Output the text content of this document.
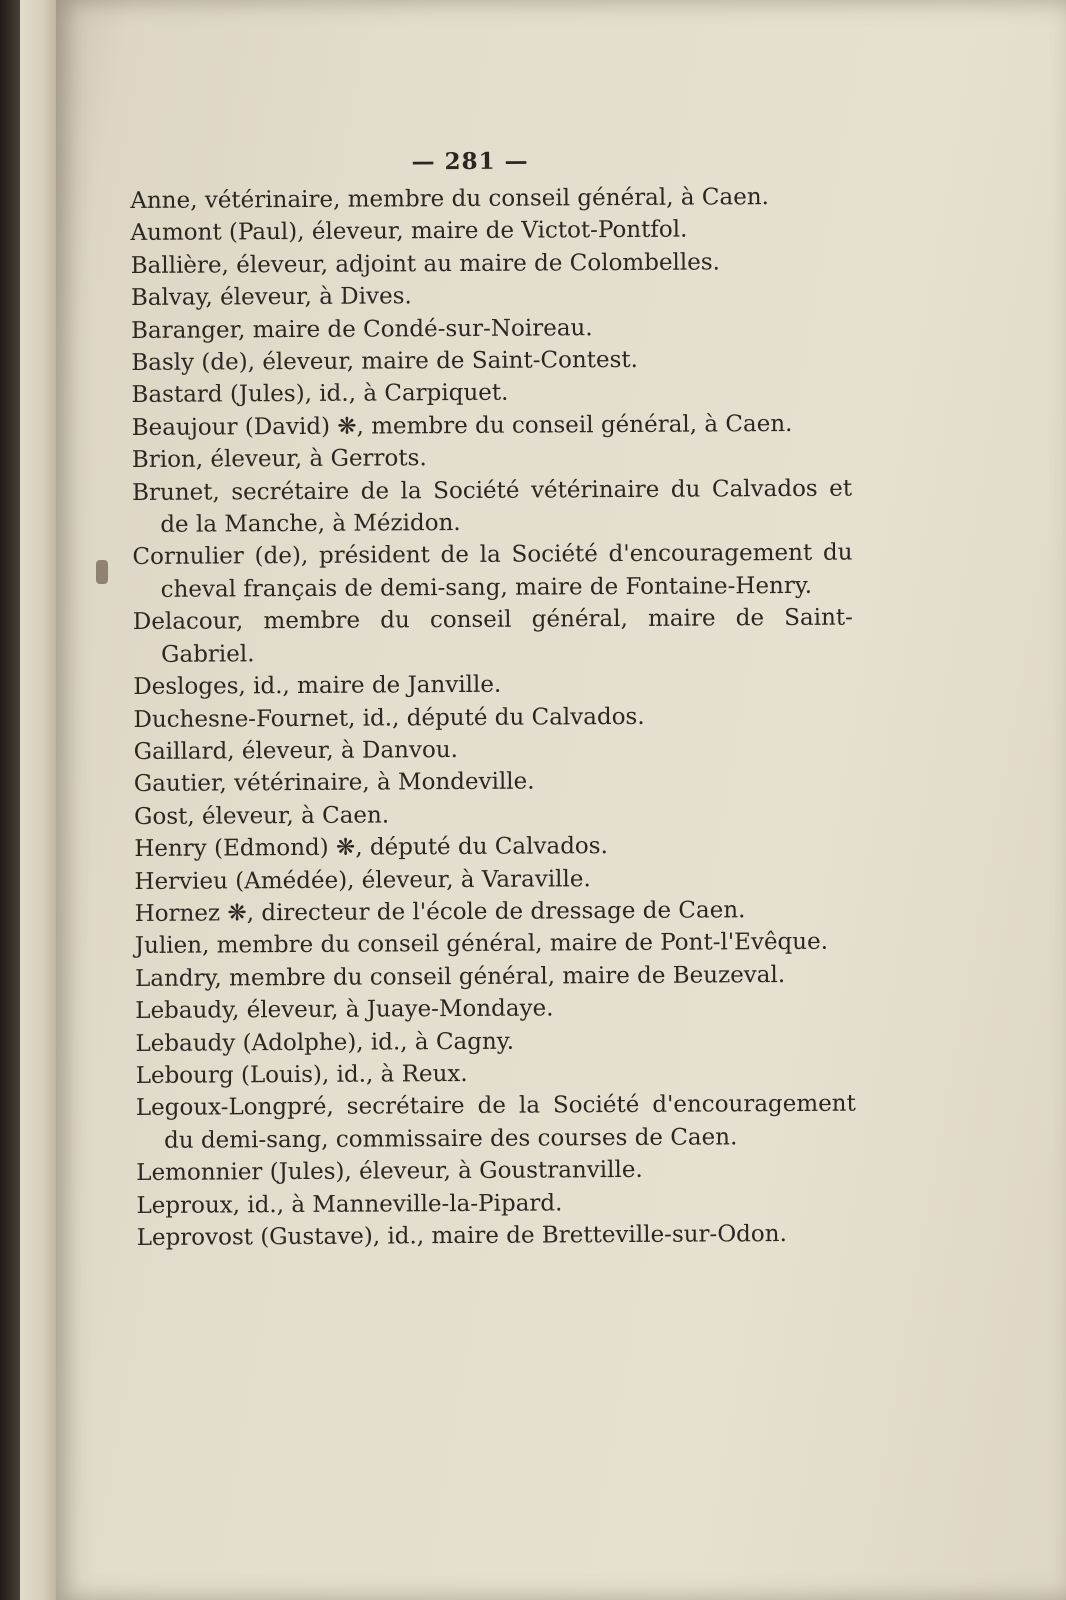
— 281 —
Anne, vétérinaire, membre du conseil général, à Caen.
Aumont (Paul), éleveur, maire de Victot-Pontfol.
Ballière, éleveur, adjoint au maire de Colombelles.
Balvay, éleveur, à Dives.
Baranger, maire de Condé-sur-Noireau.
Basly (de), éleveur, maire de Saint-Contest.
Bastard (Jules), id., à Carpiquet.
Beaujour (David) ❋, membre du conseil général, à Caen.
Brion, éleveur, à Gerrots.
Brunet, secrétaire de la Société vétérinaire du Calvados et de la Manche, à Mézidon.
Cornulier (de), président de la Société d'encouragement du cheval français de demi-sang, maire de Fontaine-Henry.
Delacour, membre du conseil général, maire de Saint-Gabriel.
Desloges, id., maire de Janville.
Duchesne-Fournet, id., député du Calvados.
Gaillard, éleveur, à Danvou.
Gautier, vétérinaire, à Mondeville.
Gost, éleveur, à Caen.
Henry (Edmond) ❋, député du Calvados.
Hervieu (Amédée), éleveur, à Varaville.
Hornez ❋, directeur de l'école de dressage de Caen.
Julien, membre du conseil général, maire de Pont-l'Evêque.
Landry, membre du conseil général, maire de Beuzeval.
Lebaudy, éleveur, à Juaye-Mondaye.
Lebaudy (Adolphe), id., à Cagny.
Lebourg (Louis), id., à Reux.
Legoux-Longpré, secrétaire de la Société d'encouragement du demi-sang, commissaire des courses de Caen.
Lemonnier (Jules), éleveur, à Goustranville.
Leproux, id., à Manneville-la-Pipard.
Leprovost (Gustave), id., maire de Bretteville-sur-Odon.
